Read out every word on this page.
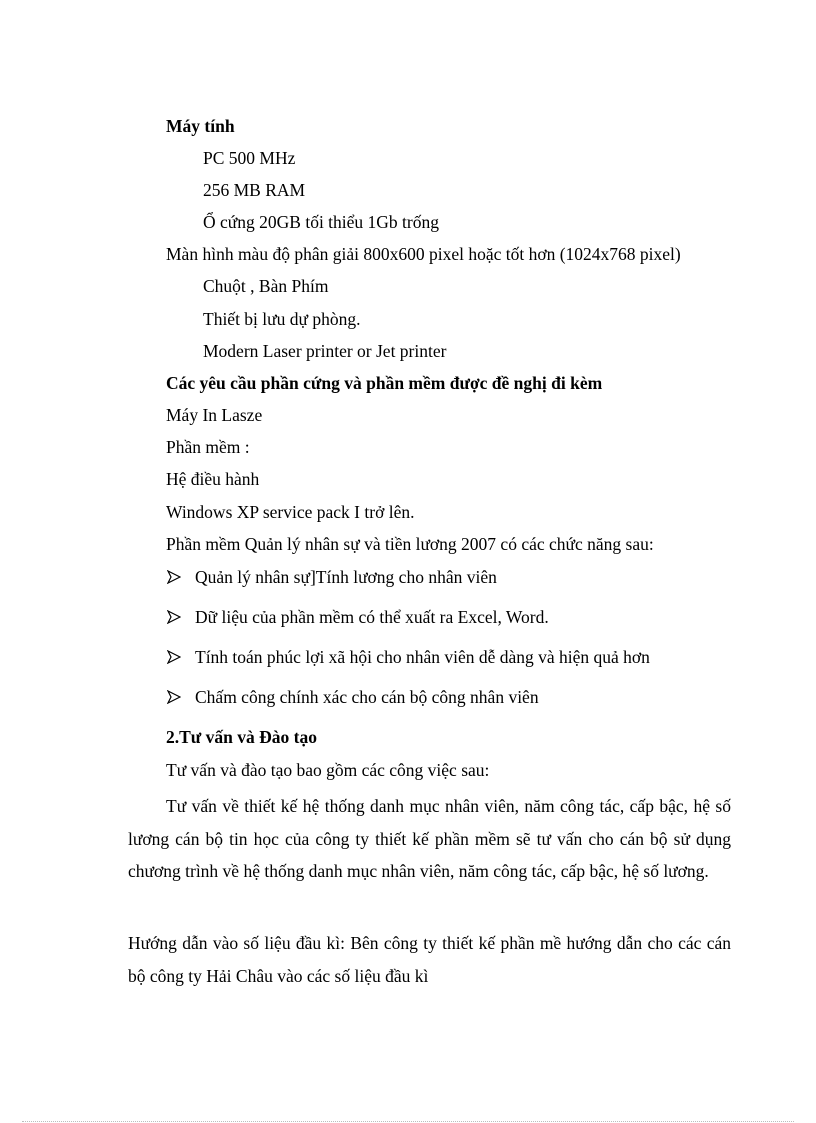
Máy tính
PC 500 MHz
256 MB RAM
Ổ cứng 20GB tối thiểu 1Gb trống
Màn hình màu độ phân giải 800x600 pixel hoặc tốt hơn (1024x768 pixel)
Chuột , Bàn Phím
Thiết bị lưu dự phòng.
Modern Laser printer or Jet printer
Các yêu cầu phần cứng và phần mềm được đề nghị đi kèm
Máy In Lasze
Phần mềm :
Hệ điều hành
Windows XP service pack I trở lên.
Phần mềm Quản lý nhân sự và tiền lương 2007 có các chức năng sau:
Quản lý nhân sự]Tính lương cho nhân viên
Dữ liệu của phần mềm có thể xuất ra Excel, Word.
Tính toán phúc lợi xã hội cho nhân viên dễ dàng và hiện quả hơn
Chấm công chính xác cho cán bộ công nhân viên
2.Tư vấn và Đào tạo
Tư vấn và đào tạo bao gồm các công việc sau:
Tư vấn về thiết kế hệ thống danh mục nhân viên, năm công tác, cấp bậc, hệ số lương cán bộ tin học của công ty thiết kế phần mềm sẽ tư vấn cho cán bộ sử dụng chương trình về hệ thống danh mục nhân viên, năm công tác, cấp bậc, hệ số lương.
Hướng dẫn vào số liệu đầu kì: Bên công ty thiết kế phần mề hướng dẫn cho các cán bộ công ty Hải Châu vào các số liệu đầu kì
